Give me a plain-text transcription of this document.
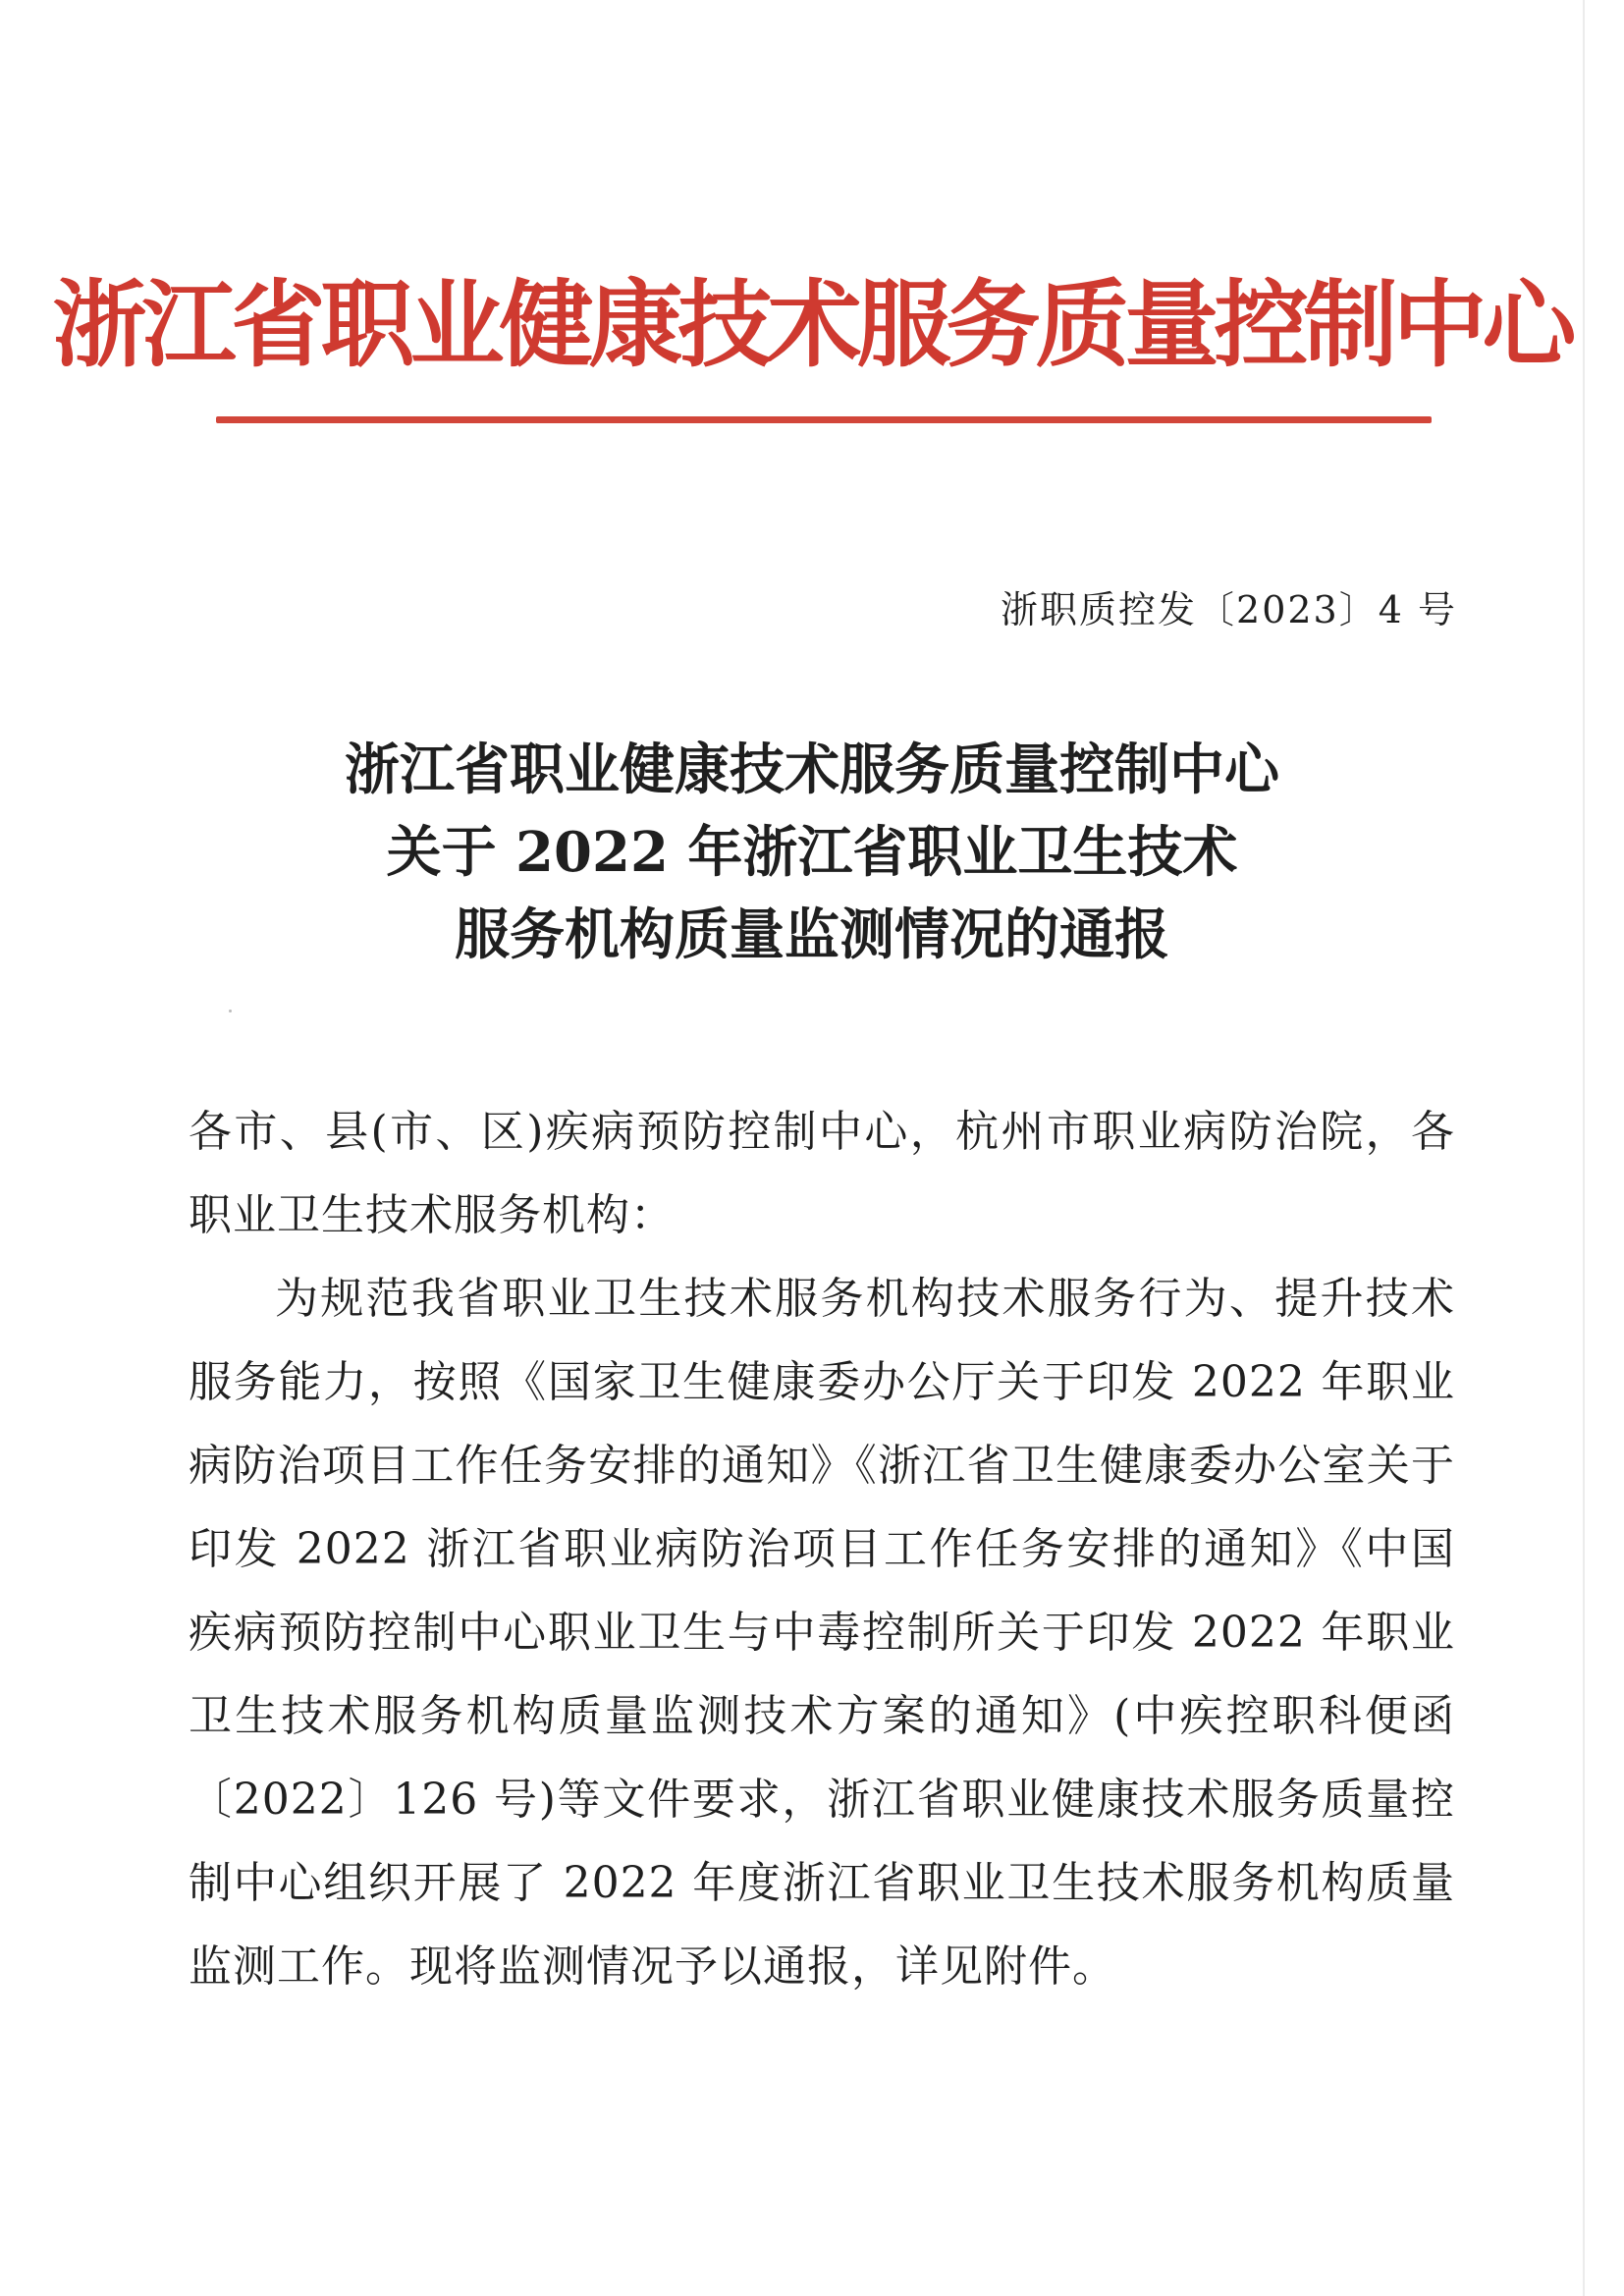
浙江省职业健康技术服务质量控制中心
浙职质控发〔2023〕4 号
浙江省职业健康技术服务质量控制中心
关于 2022 年浙江省职业卫生技术
服务机构质量监测情况的通报
各市、县(市、区)疾病预防控制中心，杭州市职业病防治院，各职业卫生技术服务机构：
为规范我省职业卫生技术服务机构技术服务行为、提升技术服务能力，按照《国家卫生健康委办公厅关于印发 2022 年职业病防治项目工作任务安排的通知》《浙江省卫生健康委办公室关于印发 2022 浙江省职业病防治项目工作任务安排的通知》《中国疾病预防控制中心职业卫生与中毒控制所关于印发 2022 年职业卫生技术服务机构质量监测技术方案的通知》(中疾控职科便函〔2022〕126 号)等文件要求，浙江省职业健康技术服务质量控制中心组织开展了 2022 年度浙江省职业卫生技术服务机构质量监测工作。现将监测情况予以通报，详见附件。
